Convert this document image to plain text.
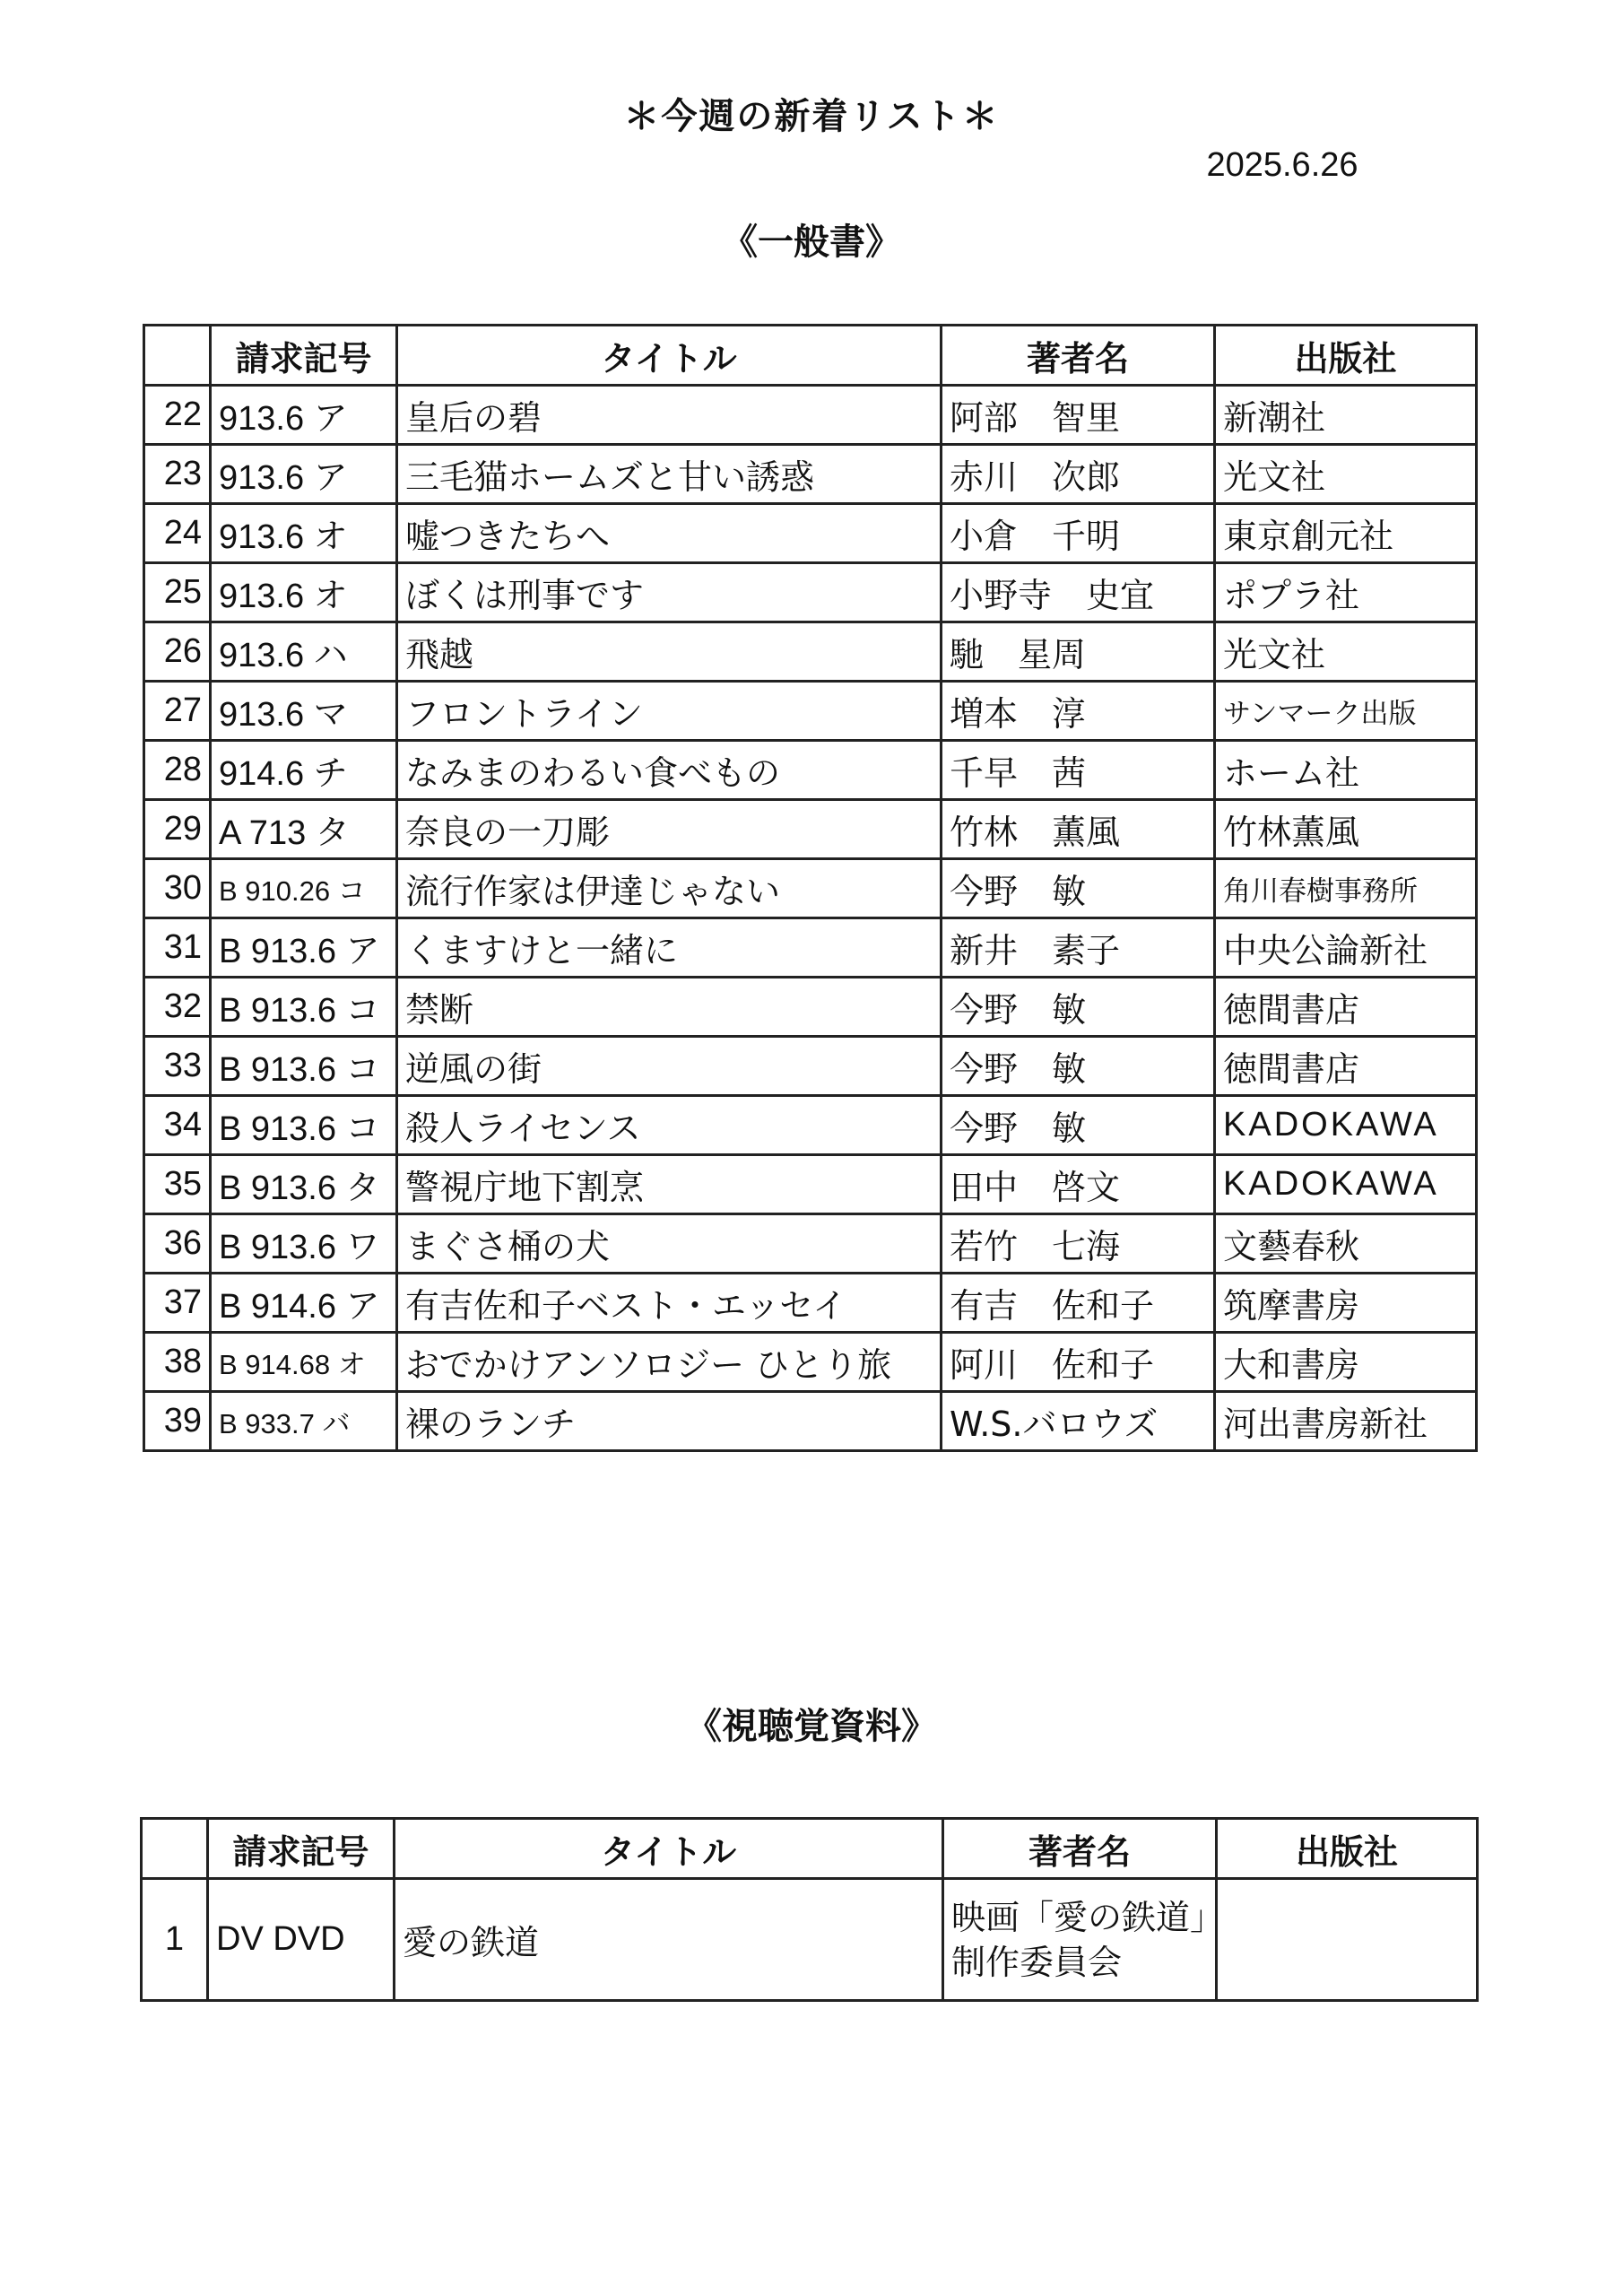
＊今週の新着リスト＊
2025.6.26
《一般書》
	請求記号	タイトル	著者名	出版社
22	913.6 ア	皇后の碧	阿部　智里	新潮社
23	913.6 ア	三毛猫ホームズと甘い誘惑	赤川　次郎	光文社
24	913.6 オ	嘘つきたちへ	小倉　千明	東京創元社
25	913.6 オ	ぼくは刑事です	小野寺　史宜	ポプラ社
26	913.6 ハ	飛越	馳　星周	光文社
27	913.6 マ	フロントライン	増本　淳	サンマーク出版
28	914.6 チ	なみまのわるい食べもの	千早　茜	ホーム社
29	A 713 タ	奈良の一刀彫	竹林　薫風	竹林薫風
30	B 910.26 コ	流行作家は伊達じゃない	今野　敏	角川春樹事務所
31	B 913.6 ア	くますけと一緒に	新井　素子	中央公論新社
32	B 913.6 コ	禁断	今野　敏	徳間書店
33	B 913.6 コ	逆風の街	今野　敏	徳間書店
34	B 913.6 コ	殺人ライセンス	今野　敏	KADOKAWA
35	B 913.6 タ	警視庁地下割烹	田中　啓文	KADOKAWA
36	B 913.6 ワ	まぐさ桶の犬	若竹　七海	文藝春秋
37	B 914.6 ア	有吉佐和子ベスト・エッセイ	有吉　佐和子	筑摩書房
38	B 914.68 オ	おでかけアンソロジー ひとり旅	阿川　佐和子	大和書房
39	B 933.7 バ	裸のランチ	W.S.バロウズ	河出書房新社
《視聴覚資料》
	請求記号	タイトル	著者名	出版社
1	DV DVD	愛の鉄道	映画「愛の鉄道」制作委員会	
